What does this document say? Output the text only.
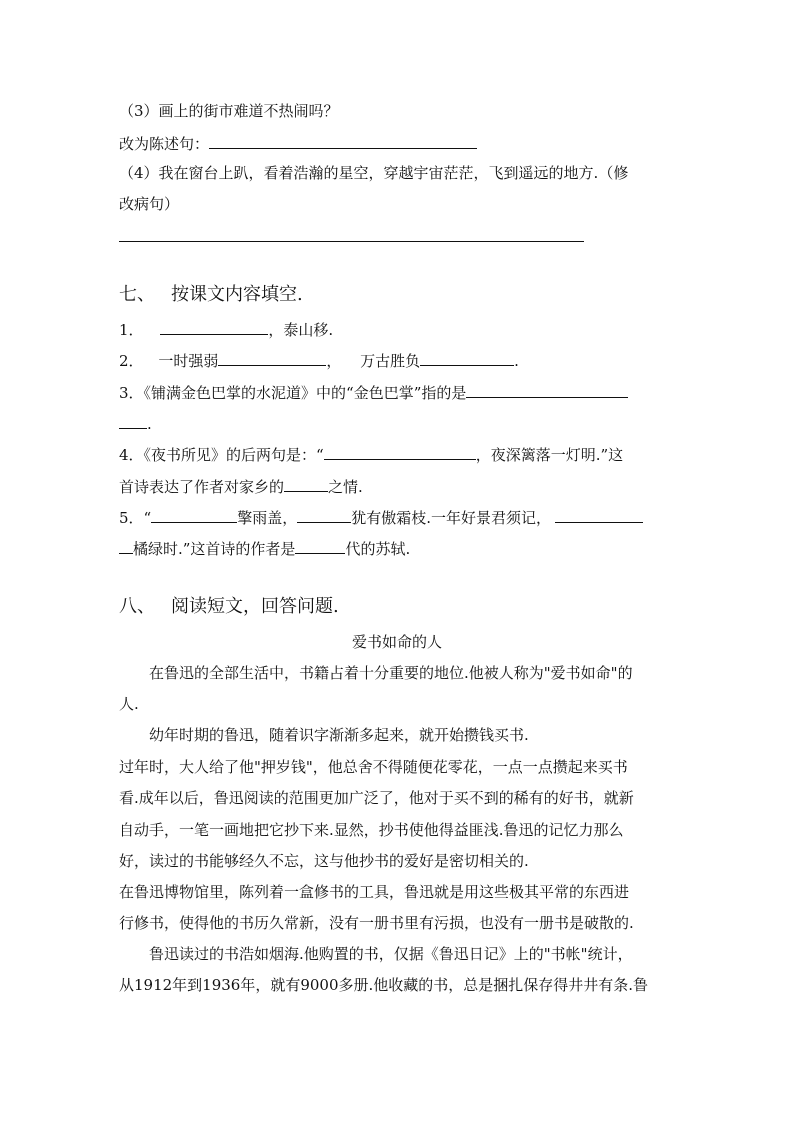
（3）画上的街市难道不热闹吗？
改为陈述句：
（4）我在窗台上趴，看着浩瀚的星空，穿越宇宙茫茫，飞到遥远的地方.（修
改病句）
七、 按课文内容填空.
1．	，泰山移.
2． 一时强弱	， 万古胜负	.
3．《铺满金色巴掌的水泥道》中的“金色巴掌”指的是
.
4．《夜书所见》的后两句是：“	，夜深篱落一灯明.”这
首诗表达了作者对家乡的	之情.
5．“	擎雨盖，	犹有傲霜枝.一年好景君须记，
橘绿时.”这首诗的作者是	代的苏轼.
八、 阅读短文，回答问题.
爱书如命的人
在鲁迅的全部生活中，书籍占着十分重要的地位.他被人称为"爱书如命"的
人.
幼年时期的鲁迅，随着识字渐渐多起来，就开始攒钱买书.
过年时，大人给了他"押岁钱"，他总舍不得随便花零花，一点一点攒起来买书
看.成年以后，鲁迅阅读的范围更加广泛了，他对于买不到的稀有的好书，就新
自动手，一笔一画地把它抄下来.显然，抄书使他得益匪浅.鲁迅的记忆力那么
好，读过的书能够经久不忘，这与他抄书的爱好是密切相关的.
在鲁迅博物馆里，陈列着一盒修书的工具，鲁迅就是用这些极其平常的东西进
行修书，使得他的书历久常新，没有一册书里有污损，也没有一册书是破散的.
鲁迅读过的书浩如烟海.他购置的书，仅据《鲁迅日记》上的"书帐"统计，
从1912年到1936年，就有9000多册.他收藏的书，总是捆扎保存得井井有条.鲁
